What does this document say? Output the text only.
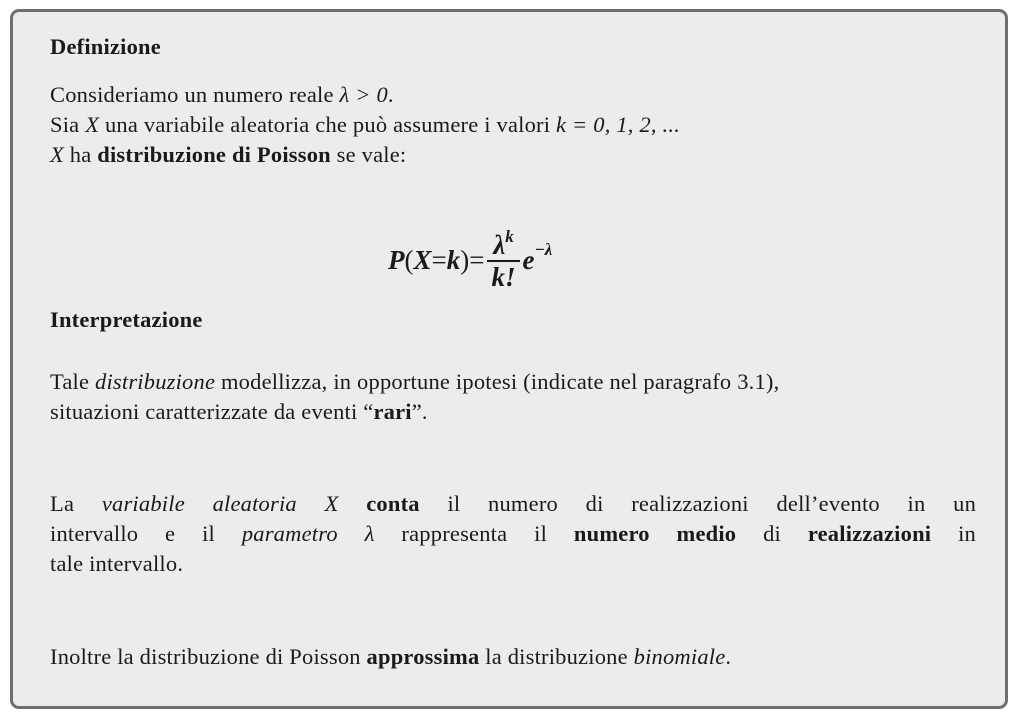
Definizione
Consideriamo un numero reale λ > 0.
Sia X una variabile aleatoria che può assumere i valori k = 0, 1, 2, ...
X ha distribuzione di Poisson se vale:
P ( X = k ) = $\frac{\lambda^k}{k!} e^{-\lambda}$
Interpretazione
Tale distribuzione modellizza, in opportune ipotesi (indicate nel paragrafo 3.1),
situazioni caratterizzate da eventi “rari”.
La variabile aleatoria X conta il numero di realizzazioni dell’evento in un
intervallo e il parametro λ rappresenta il numero medio di realizzazioni in
tale intervallo.
Inoltre la distribuzione di Poisson approssima la distribuzione binomiale.
